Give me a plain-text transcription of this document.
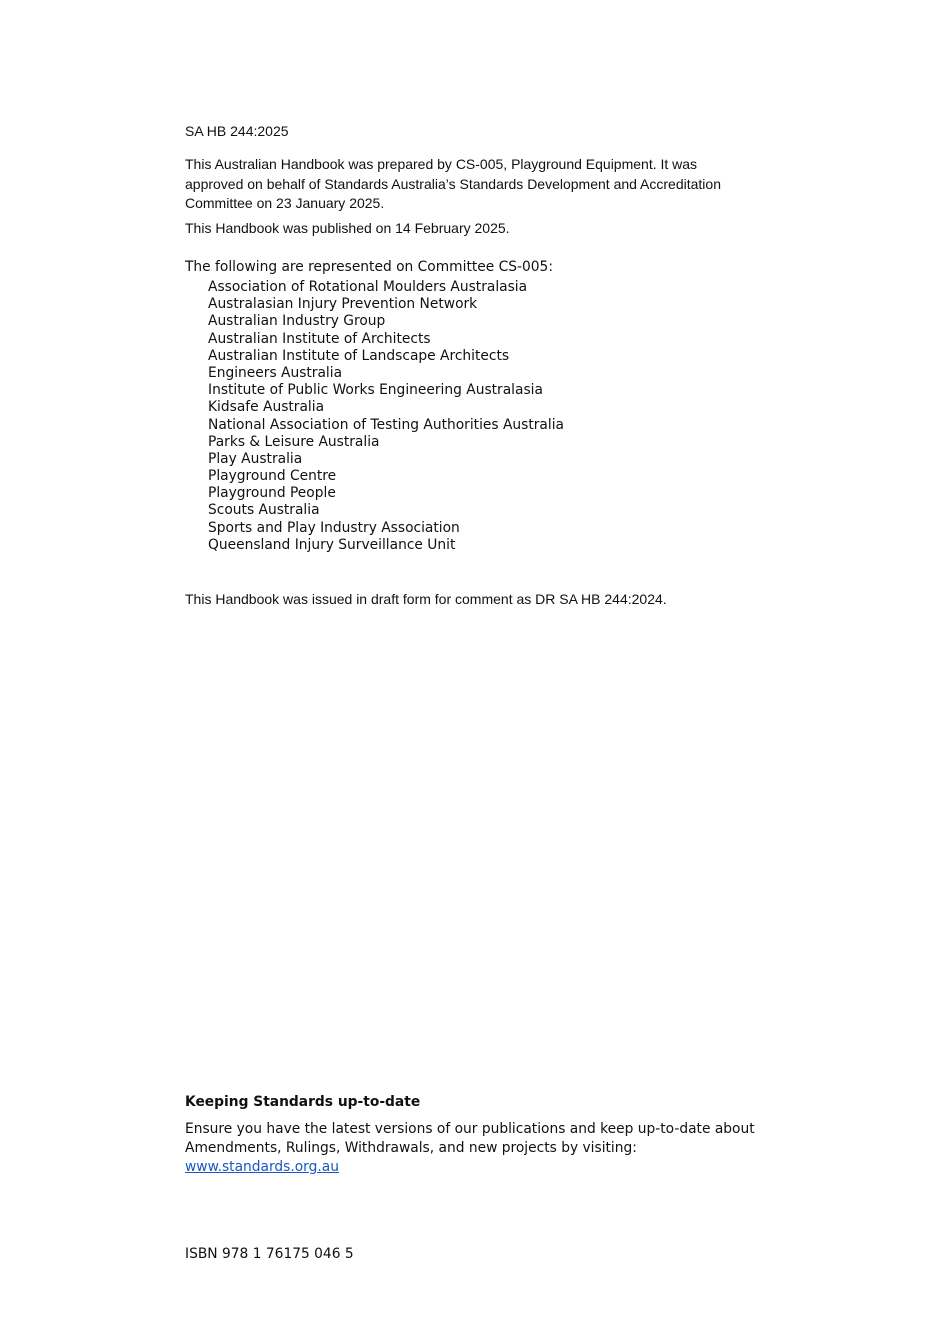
SA HB 244:2025

This Australian Handbook was prepared by CS-005, Playground Equipment. It was approved on behalf of Standards Australia’s Standards Development and Accreditation Committee on 23 January 2025.

This Handbook was published on 14 February 2025.
The following are represented on Committee CS-005:
Association of Rotational Moulders Australasia
Australasian Injury Prevention Network
Australian Industry Group
Australian Institute of Architects
Australian Institute of Landscape Architects
Engineers Australia
Institute of Public Works Engineering Australasia
Kidsafe Australia
National Association of Testing Authorities Australia
Parks & Leisure Australia
Play Australia
Playground Centre
Playground People
Scouts Australia
Sports and Play Industry Association
Queensland Injury Surveillance Unit
This Handbook was issued in draft form for comment as DR SA HB 244:2024.
Keeping Standards up-to-date

Ensure you have the latest versions of our publications and keep up-to-date about Amendments, Rulings, Withdrawals, and new projects by visiting:
www.standards.org.au

ISBN 978 1 76175 046 5
